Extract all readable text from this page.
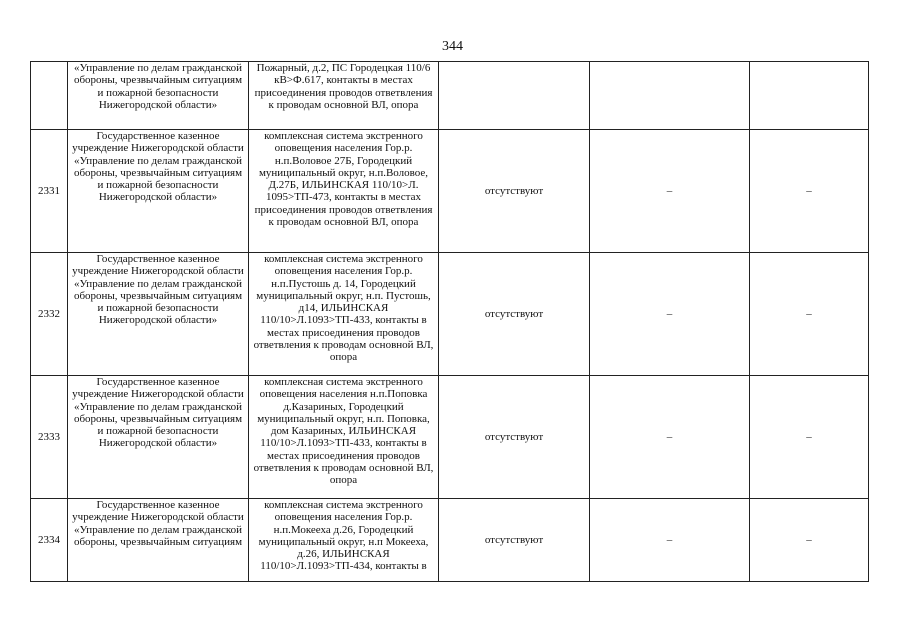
344
	«Управление по делам гражданской обороны, чрезвычайным ситуациям и пожарной безопасности Нижегородской области»	Пожарный, д.2, ПС Городецкая 110/6 кВ>Ф.617, контакты в местах присоединения проводов ответвления к проводам основной ВЛ, опора			
2331	Государственное казенное учреждение Нижегородской области «Управление по делам гражданской обороны, чрезвычайным ситуациям и пожарной безопасности Нижегородской области»	комплексная система экстренного оповещения населения Гор.р. н.п.Воловое 27Б, Городецкий муниципальный округ, н.п.Воловое, Д.27Б, ИЛЬИНСКАЯ 110/10>Л. 1095>ТП-473, контакты в местах присоединения проводов ответвления к проводам основной ВЛ, опора	отсутствуют	–	–
2332	Государственное казенное учреждение Нижегородской области «Управление по делам гражданской обороны, чрезвычайным ситуациям и пожарной безопасности Нижегородской области»	комплексная система экстренного оповещения населения Гор.р. н.п.Пустошь д. 14, Городецкий муниципальный округ, н.п. Пустошь, д14, ИЛЬИНСКАЯ 110/10>Л.1093>ТП-433, контакты в местах присоединения проводов ответвления к проводам основной ВЛ, опора	отсутствуют	–	–
2333	Государственное казенное учреждение Нижегородской области «Управление по делам гражданской обороны, чрезвычайным ситуациям и пожарной безопасности Нижегородской области»	комплексная система экстренного оповещения населения н.п.Поповка д.Казариных, Городецкий муниципальный округ, н.п. Поповка, дом Казариных, ИЛЬИНСКАЯ 110/10>Л.1093>ТП-433, контакты в местах присоединения проводов ответвления к проводам основной ВЛ, опора	отсутствуют	–	–
2334	Государственное казенное учреждение Нижегородской области «Управление по делам гражданской обороны, чрезвычайным ситуациям	комплексная система экстренного оповещения населения Гор.р. н.п.Мокееха д.26, Городецкий муниципальный округ, н.п Мокееха, д.26, ИЛЬИНСКАЯ 110/10>Л.1093>ТП-434, контакты в	отсутствуют	–	–
